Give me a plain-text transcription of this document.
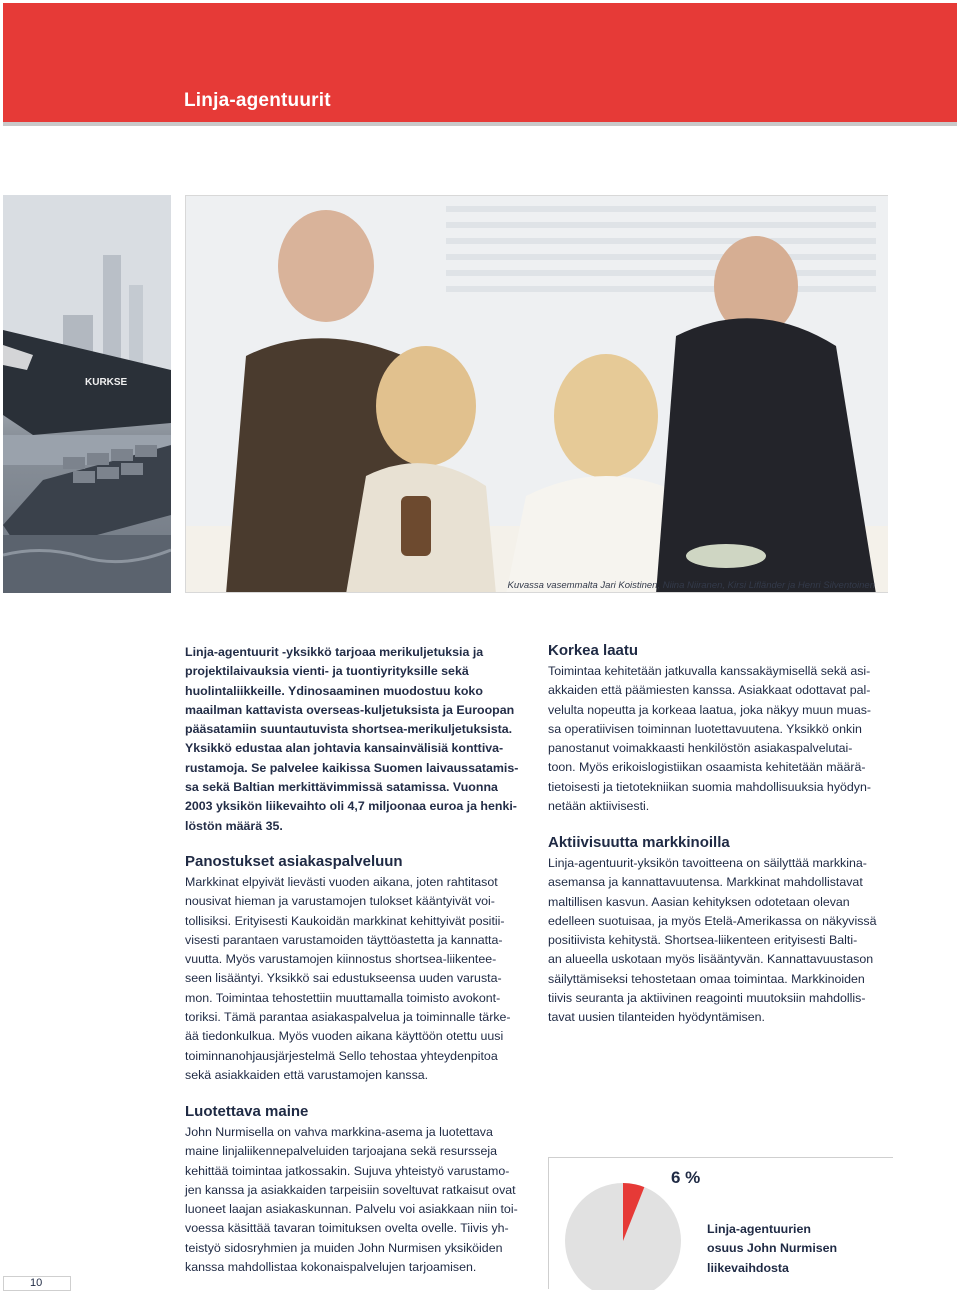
Linja-agentuurit
KURKSE
Kuvassa vasemmalta Jari Koistinen, Niina Niiranen, Kirsi Lifländer ja Henri Silventoinen

Linja-agentuurit -yksikkö tarjoaa merikuljetuksia ja

projektilaivauksia vienti- ja tuontiyrityksille sekä

huolintaliikkeille. Ydinosaaminen muodostuu koko

maailman kattavista overseas-kuljetuksista ja Euroopan

pääsatamiin suuntautuvista shortsea-merikuljetuksista.

Yksikkö edustaa alan johtavia kansainvälisiä konttiva-

rustamoja. Se palvelee kaikissa Suomen laivaussatamis-

sa sekä Baltian merkittävimmissä satamissa. Vuonna

2003 yksikön liikevaihto oli 4,7 miljoonaa euroa ja henki-

löstön määrä 35.

Panostukset asiakaspalveluun

Markkinat elpyivät lievästi vuoden aikana, joten rahtitasot

nousivat hieman ja varustamojen tulokset kääntyivät voi-

tollisiksi. Erityisesti Kaukoidän markkinat kehittyivät positii-

visesti parantaen varustamoiden täyttöastetta ja kannatta-

vuutta. Myös varustamojen kiinnostus shortsea-liikentee-

seen lisääntyi. Yksikkö sai edustukseensa uuden varusta-

mon. Toimintaa tehostettiin muuttamalla toimisto avokont-

toriksi. Tämä parantaa asiakaspalvelua ja toiminnalle tärke-

ää tiedonkulkua. Myös vuoden aikana käyttöön otettu uusi

toiminnanohjausjärjestelmä Sello tehostaa yhteydenpitoa

sekä asiakkaiden että varustamojen kanssa.

Luotettava maine

John Nurmisella on vahva markkina-asema ja luotettava

maine linjaliikennepalveluiden tarjoajana sekä resursseja

kehittää toimintaa jatkossakin. Sujuva yhteistyö varustamo-

jen kanssa ja asiakkaiden tarpeisiin soveltuvat ratkaisut ovat

luoneet laajan asiakaskunnan. Palvelu voi asiakkaan niin toi-

voessa käsittää tavaran toimituksen ovelta ovelle. Tiivis yh-

teistyö sidosryhmien ja muiden John Nurmisen yksiköiden

kanssa mahdollistaa kokonaispalvelujen tarjoamisen.

Korkea laatu

Toimintaa kehitetään jatkuvalla kanssakäymisellä sekä asi-

akkaiden että päämiesten kanssa. Asiakkaat odottavat pal-

velulta nopeutta ja korkeaa laatua, joka näkyy muun muas-

sa operatiivisen toiminnan luotettavuutena. Yksikkö onkin

panostanut voimakkaasti henkilöstön asiakaspalvelutai-

toon. Myös erikoislogistiikan osaamista kehitetään määrä-

tietoisesti ja tietotekniikan suomia mahdollisuuksia hyödyn-

netään aktiivisesti.

Aktiivisuutta markkinoilla

Linja-agentuurit-yksikön tavoitteena on säilyttää markkina-

asemansa ja kannattavuutensa. Markkinat mahdollistavat

maltillisen kasvun. Aasian kehityksen odotetaan olevan

edelleen suotuisaa, ja myös Etelä-Amerikassa on näkyvissä

positiivista kehitystä. Shortsea-liikenteen erityisesti Balti-

an alueella uskotaan myös lisääntyvän. Kannattavuustason

säilyttämiseksi tehostetaan omaa toimintaa. Markkinoiden

tiivis seuranta ja aktiivinen reagointi muutoksiin mahdollis-

tavat uusien tilanteiden hyödyntämisen.

6 %
Linja-agentuurien
osuus John Nurmisen
liikevaihdosta
10
